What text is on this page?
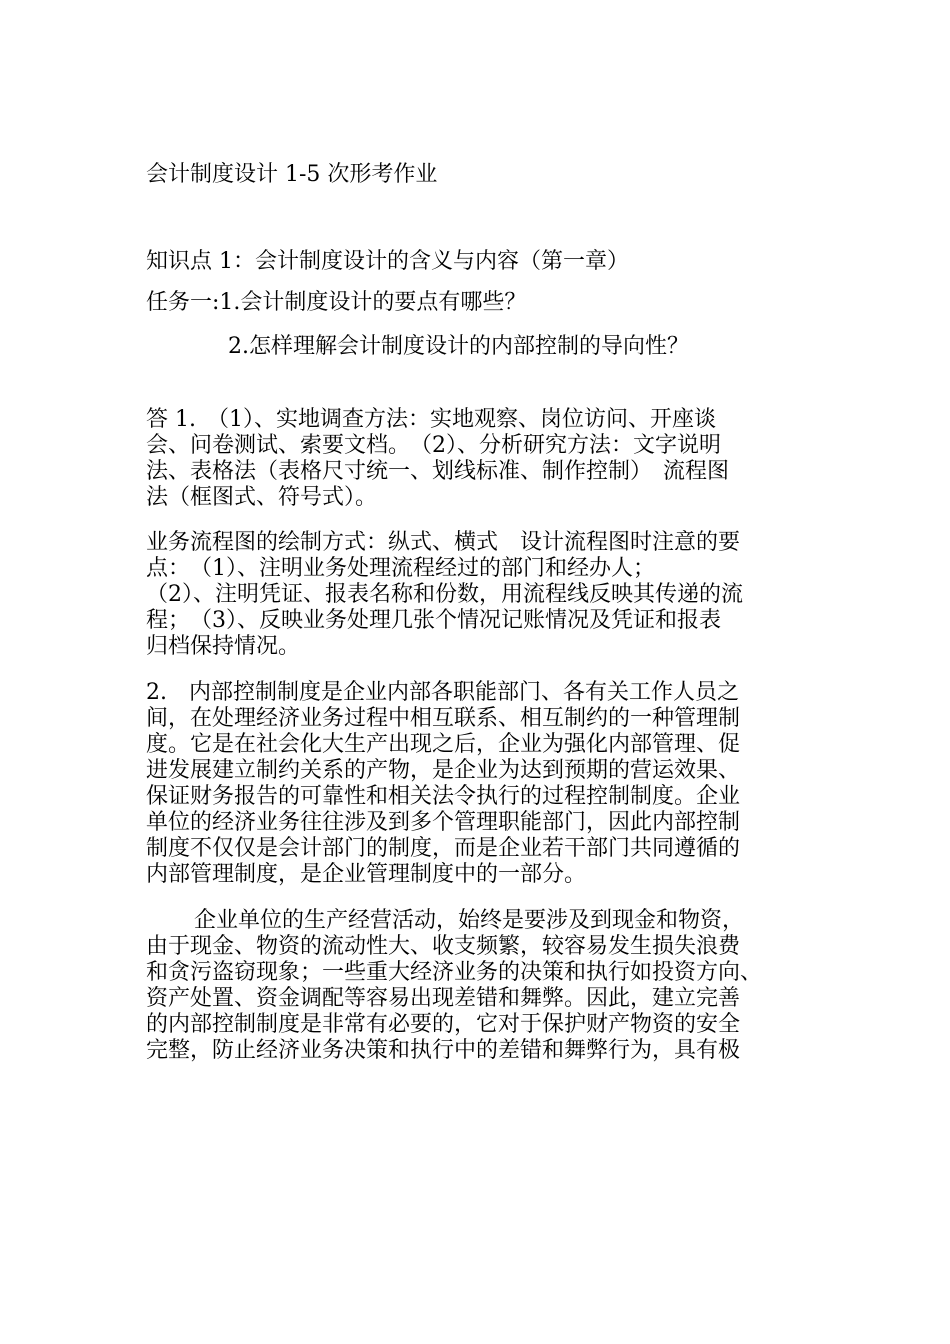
会计制度设计 1-5 次形考作业
知识点 1：会计制度设计的含义与内容（第一章）
任务一:1.会计制度设计的要点有哪些？
2.怎样理解会计制度设计的内部控制的导向性？
答 1.　（1）、实地调查方法：实地观察、岗位访问、开座谈
会、问卷测试、索要文档。　（2）、分析研究方法：文字说明
法、表格法（表格尺寸统一、划线标准、制作控制）　流程图
法（框图式、符号式）。
业务流程图的绘制方式：纵式、横式　设计流程图时注意的要
点：　（1）、注明业务处理流程经过的部门和经办人；
（2）、注明凭证、报表名称和份数，用流程线反映其传递的流
程；　（3）、反映业务处理几张个情况记账情况及凭证和报表
归档保持情况。
2.　内部控制制度是企业内部各职能部门、各有关工作人员之
间，在处理经济业务过程中相互联系、相互制约的一种管理制
度。它是在社会化大生产出现之后，企业为强化内部管理、促
进发展建立制约关系的产物，是企业为达到预期的营运效果、
保证财务报告的可靠性和相关法令执行的过程控制制度。企业
单位的经济业务往往涉及到多个管理职能部门，因此内部控制
制度不仅仅是会计部门的制度，而是企业若干部门共同遵循的
内部管理制度，是企业管理制度中的一部分。
企业单位的生产经营活动，始终是要涉及到现金和物资，
由于现金、物资的流动性大、收支频繁，较容易发生损失浪费
和贪污盗窃现象；一些重大经济业务的决策和执行如投资方向、
资产处置、资金调配等容易出现差错和舞弊。因此，建立完善
的内部控制制度是非常有必要的，它对于保护财产物资的安全
完整，防止经济业务决策和执行中的差错和舞弊行为，具有极
